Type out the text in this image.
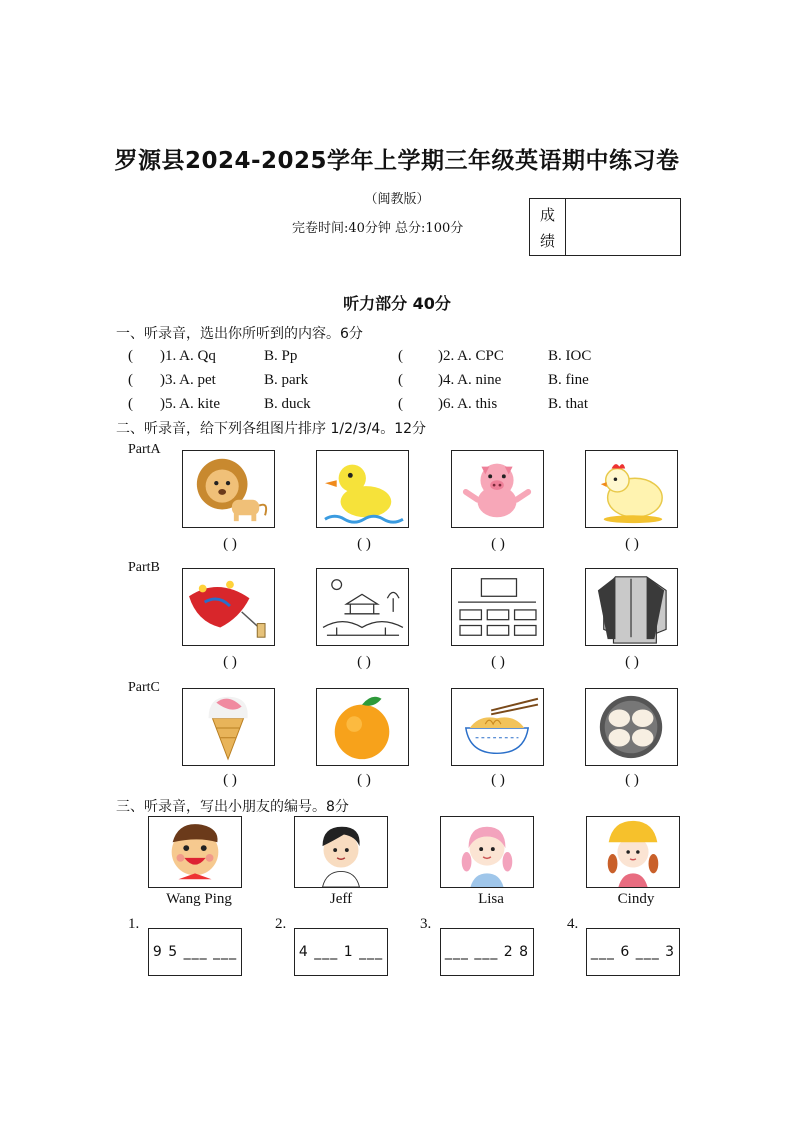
罗源县2024-2025学年上学期三年级英语期中练习卷
（闽教版）
完卷时间:40分钟 总分:100分
成
绩
听力部分 40分
一、听录音，选出你所听到的内容。6分
( )1. A. Qq	B. Pp	( )2. A. CPC	B. IOC
( )3. A. pet	B. park	( )4. A. nine	B. fine
( )5. A. kite	B. duck	( )6. A. this	B. that
二、听录音，给下列各组图片排序 1/2/3/4。12分
PartA
( )	( )	( )	( )
PartB
( )	( )	( )	( )
PartC
( )	( )	( )	( )
三、听录音，写出小朋友的编号。8分
Wang Ping	Jeff	Lisa	Cindy
1.	2.	3.	4.
9 5 ___ ___	4 ___ 1 ___	___ ___ 2 8	___ 6 ___ 3
